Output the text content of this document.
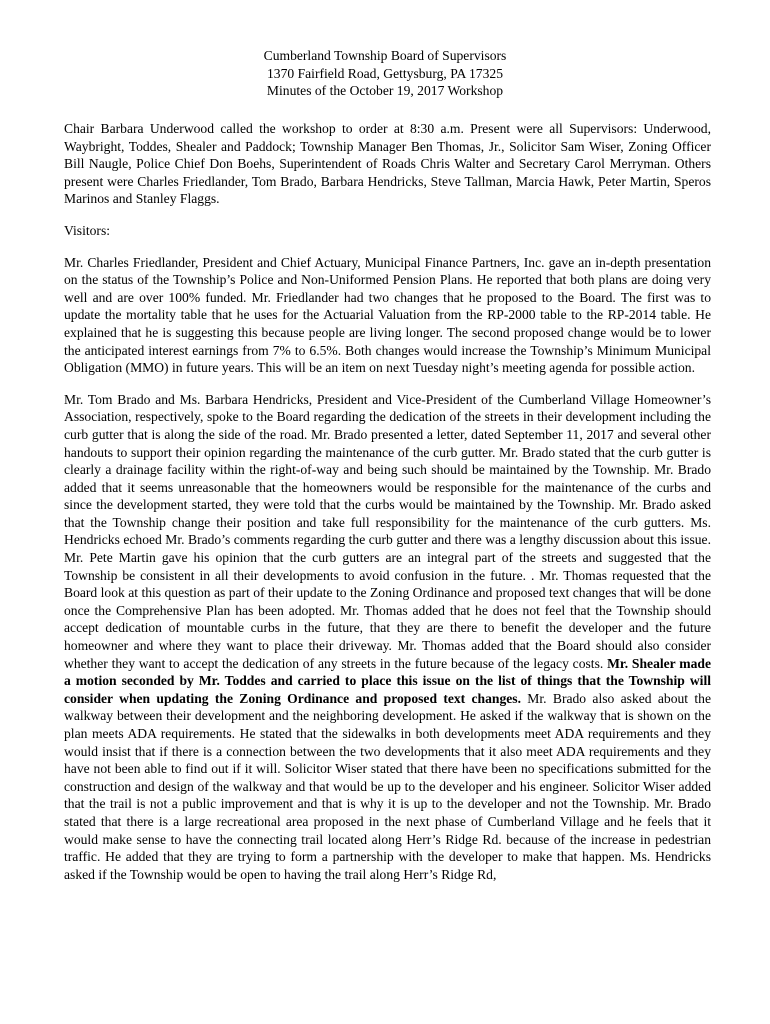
Cumberland Township Board of Supervisors
1370 Fairfield Road, Gettysburg, PA 17325
Minutes of the October 19, 2017 Workshop

Chair Barbara Underwood called the workshop to order at 8:30 a.m. Present were all Supervisors: Underwood, Waybright, Toddes, Shealer and Paddock; Township Manager Ben Thomas, Jr., Solicitor Sam Wiser, Zoning Officer Bill Naugle, Police Chief Don Boehs, Superintendent of Roads Chris Walter and Secretary Carol Merryman. Others present were Charles Friedlander, Tom Brado, Barbara Hendricks, Steve Tallman, Marcia Hawk, Peter Martin, Speros Marinos and Stanley Flaggs.

Visitors:

Mr. Charles Friedlander, President and Chief Actuary, Municipal Finance Partners, Inc. gave an in-depth presentation on the status of the Township’s Police and Non-Uniformed Pension Plans. He reported that both plans are doing very well and are over 100% funded. Mr. Friedlander had two changes that he proposed to the Board. The first was to update the mortality table that he uses for the Actuarial Valuation from the RP-2000 table to the RP-2014 table. He explained that he is suggesting this because people are living longer. The second proposed change would be to lower the anticipated interest earnings from 7% to 6.5%. Both changes would increase the Township’s Minimum Municipal Obligation (MMO) in future years. This will be an item on next Tuesday night’s meeting agenda for possible action.

Mr. Tom Brado and Ms. Barbara Hendricks, President and Vice-President of the Cumberland Village Homeowner’s Association, respectively, spoke to the Board regarding the dedication of the streets in their development including the curb gutter that is along the side of the road. Mr. Brado presented a letter, dated September 11, 2017 and several other handouts to support their opinion regarding the maintenance of the curb gutter. Mr. Brado stated that the curb gutter is clearly a drainage facility within the right-of-way and being such should be maintained by the Township. Mr. Brado added that it seems unreasonable that the homeowners would be responsible for the maintenance of the curbs and since the development started, they were told that the curbs would be maintained by the Township. Mr. Brado asked that the Township change their position and take full responsibility for the maintenance of the curb gutters. Ms. Hendricks echoed Mr. Brado’s comments regarding the curb gutter and there was a lengthy discussion about this issue. Mr. Pete Martin gave his opinion that the curb gutters are an integral part of the streets and suggested that the Township be consistent in all their developments to avoid confusion in the future. . Mr. Thomas requested that the Board look at this question as part of their update to the Zoning Ordinance and proposed text changes that will be done once the Comprehensive Plan has been adopted. Mr. Thomas added that he does not feel that the Township should accept dedication of mountable curbs in the future, that they are there to benefit the developer and the future homeowner and where they want to place their driveway. Mr. Thomas added that the Board should also consider whether they want to accept the dedication of any streets in the future because of the legacy costs. Mr. Shealer made a motion seconded by Mr. Toddes and carried to place this issue on the list of things that the Township will consider when updating the Zoning Ordinance and proposed text changes. Mr. Brado also asked about the walkway between their development and the neighboring development. He asked if the walkway that is shown on the plan meets ADA requirements. He stated that the sidewalks in both developments meet ADA requirements and they would insist that if there is a connection between the two developments that it also meet ADA requirements and they have not been able to find out if it will. Solicitor Wiser stated that there have been no specifications submitted for the construction and design of the walkway and that would be up to the developer and his engineer. Solicitor Wiser added that the trail is not a public improvement and that is why it is up to the developer and not the Township. Mr. Brado stated that there is a large recreational area proposed in the next phase of Cumberland Village and he feels that it would make sense to have the connecting trail located along Herr’s Ridge Rd. because of the increase in pedestrian traffic. He added that they are trying to form a partnership with the developer to make that happen. Ms. Hendricks asked if the Township would be open to having the trail along Herr’s Ridge Rd,
